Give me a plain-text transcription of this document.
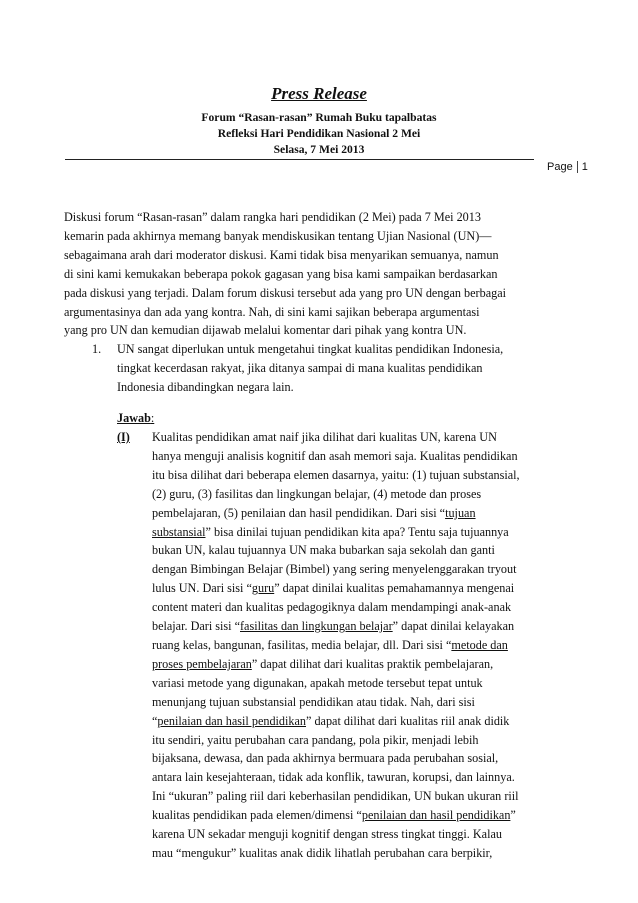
Press Release
Forum “Rasan-rasan” Rumah Buku tapalbatas
Refleksi Hari Pendidikan Nasional 2 Mei
Selasa, 7 Mei 2013
Page 1
Diskusi forum “Rasan-rasan” dalam rangka hari pendidikan (2 Mei) pada 7 Mei 2013
kemarin pada akhirnya memang banyak mendiskusikan tentang Ujian Nasional (UN)—
sebagaimana arah dari moderator diskusi. Kami tidak bisa menyarikan semuanya, namun
di sini kami kemukakan beberapa pokok gagasan yang bisa kami sampaikan berdasarkan
pada diskusi yang terjadi. Dalam forum diskusi tersebut ada yang pro UN dengan berbagai
argumentasinya dan ada yang kontra. Nah, di sini kami sajikan beberapa argumentasi
yang pro UN dan kemudian dijawab melalui komentar dari pihak yang kontra UN.
1. UN sangat diperlukan untuk mengetahui tingkat kualitas pendidikan Indonesia,
tingkat kecerdasan rakyat, jika ditanya sampai di mana kualitas pendidikan
Indonesia dibandingkan negara lain.
Jawab:
(I) Kualitas pendidikan amat naif jika dilihat dari kualitas UN, karena UN
hanya menguji analisis kognitif dan asah memori saja. Kualitas pendidikan
itu bisa dilihat dari beberapa elemen dasarnya, yaitu: (1) tujuan substansial,
(2) guru, (3) fasilitas dan lingkungan belajar, (4) metode dan proses
pembelajaran, (5) penilaian dan hasil pendidikan. Dari sisi “tujuan
substansial” bisa dinilai tujuan pendidikan kita apa? Tentu saja tujuannya
bukan UN, kalau tujuannya UN maka bubarkan saja sekolah dan ganti
dengan Bimbingan Belajar (Bimbel) yang sering menyelenggarakan tryout
lulus UN. Dari sisi “guru” dapat dinilai kualitas pemahamannya mengenai
content materi dan kualitas pedagogiknya dalam mendampingi anak-anak
belajar. Dari sisi “fasilitas dan lingkungan belajar” dapat dinilai kelayakan
ruang kelas, bangunan, fasilitas, media belajar, dll. Dari sisi “metode dan
proses pembelajaran” dapat dilihat dari kualitas praktik pembelajaran,
variasi metode yang digunakan, apakah metode tersebut tepat untuk
menunjang tujuan substansial pendidikan atau tidak. Nah, dari sisi
“penilaian dan hasil pendidikan” dapat dilihat dari kualitas riil anak didik
itu sendiri, yaitu perubahan cara pandang, pola pikir, menjadi lebih
bijaksana, dewasa, dan pada akhirnya bermuara pada perubahan sosial,
antara lain kesejahteraan, tidak ada konflik, tawuran, korupsi, dan lainnya.
Ini “ukuran” paling riil dari keberhasilan pendidikan, UN bukan ukuran riil
kualitas pendidikan pada elemen/dimensi “penilaian dan hasil pendidikan”
karena UN sekadar menguji kognitif dengan stress tingkat tinggi. Kalau
mau “mengukur” kualitas anak didik lihatlah perubahan cara berpikir,
